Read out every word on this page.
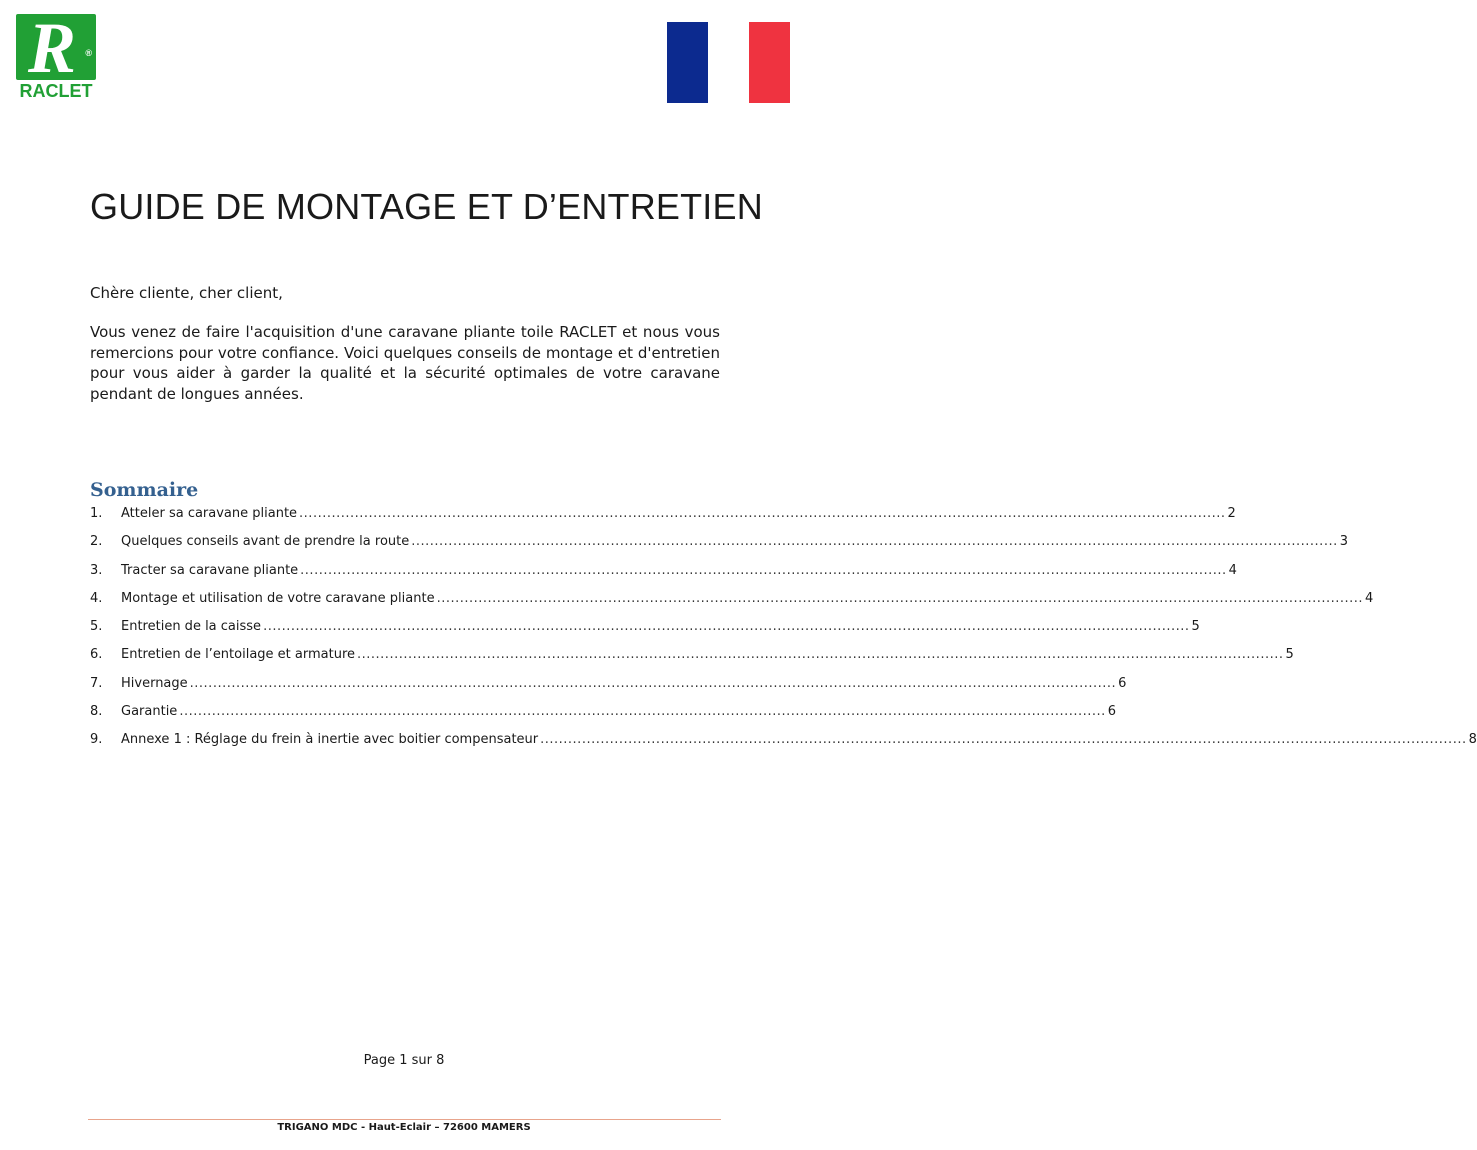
R ®
RACLET
GUIDE DE MONTAGE ET D’ENTRETIEN

Chère cliente, cher client,

Vous venez de faire l'acquisition d'une caravane pliante toile RACLET et nous vous remercions pour votre confiance. Voici quelques conseils de montage et d'entretien pour vous aider à garder la qualité et la sécurité optimales de votre caravane pendant de longues années.

Sommaire
1.	Atteler sa caravane pliante ........................................................................................................................................................................................................ 2
2.	Quelques conseils avant de prendre la route ........................................................................................................................................................................................................ 3
3.	Tracter sa caravane pliante ........................................................................................................................................................................................................ 4
4.	Montage et utilisation de votre caravane pliante ........................................................................................................................................................................................................ 4
5.	Entretien de la caisse ........................................................................................................................................................................................................ 5
6.	Entretien de l’entoilage et armature ........................................................................................................................................................................................................ 5
7.	Hivernage ........................................................................................................................................................................................................ 6
8.	Garantie ........................................................................................................................................................................................................ 6
9.	Annexe 1 : Réglage du frein à inertie avec boitier compensateur ........................................................................................................................................................................................................ 8
Page 1 sur 8
TRIGANO MDC - Haut-Eclair – 72600 MAMERS
